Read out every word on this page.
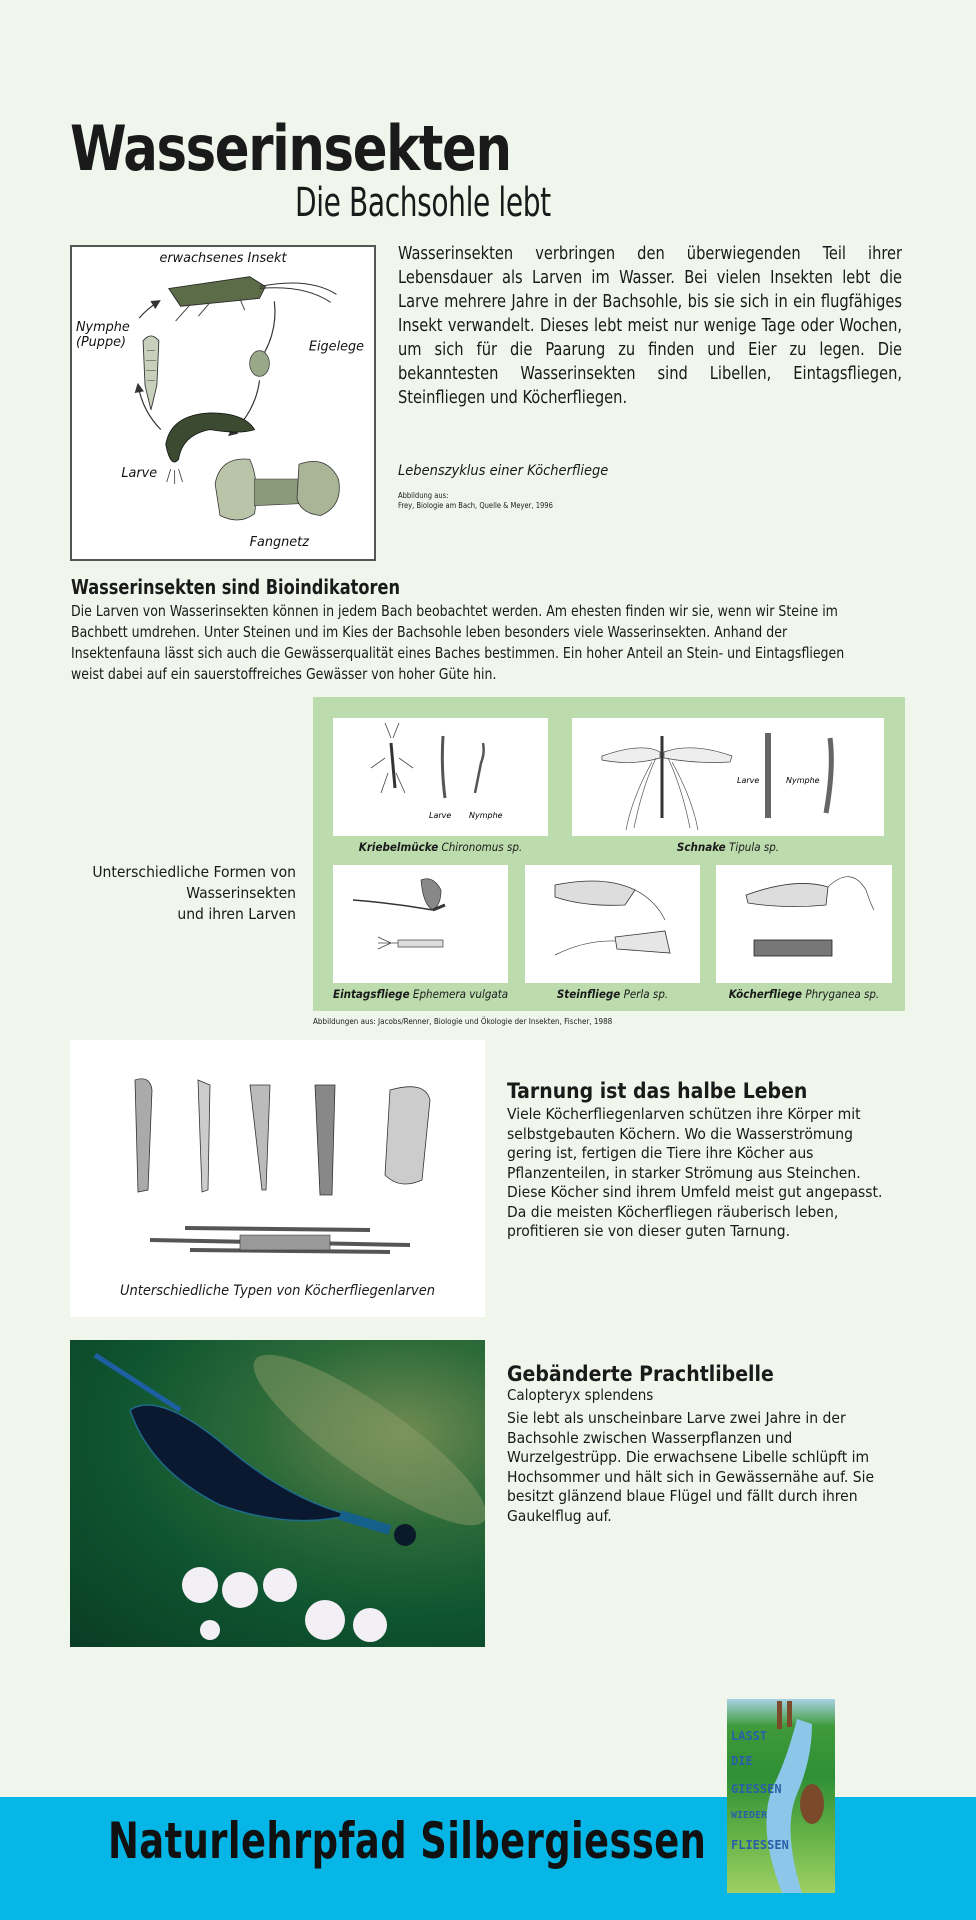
Wasserinsekten
Die Bachsohle lebt
erwachsenes Insekt
Eigelege
Nymphe
(Puppe)
Larve
Fangnetz

Wasserinsekten verbringen den überwiegenden Teil ihrer Lebensdauer als Larven im Wasser. Bei vielen Insekten lebt die Larve mehrere Jahre in der Bachsohle, bis sie sich in ein flugfähiges Insekt verwandelt. Dieses lebt meist nur wenige Tage oder Wochen, um sich für die Paarung zu finden und Eier zu legen. Die bekanntesten Wasserinsekten sind Libellen, Eintagsfliegen, Steinfliegen und Köcherfliegen.

Lebenszyklus einer Köcherfliege
Abbildung aus:
Frey, Biologie am Bach, Quelle & Meyer, 1996
Wasserinsekten sind Bioindikatoren

Die Larven von Wasserinsekten können in jedem Bach beobachtet werden. Am ehesten finden wir sie, wenn wir Steine im Bachbett umdrehen. Unter Steinen und im Kies der Bachsohle leben besonders viele Wasserinsekten. Anhand der Insektenfauna lässt sich auch die Gewässerqualität eines Baches bestimmen. Ein hoher Anteil an Stein- und Eintagsfliegen weist dabei auf ein sauerstoffreiches Gewässer von hoher Güte hin.

Unterschiedliche Formen von
Wasserinsekten
und ihren Larven
Larve Nymphe
Kriebelmücke Chironomus sp.
Larve	Nymphe
Schnake Tipula sp.
Eintagsfliege Ephemera vulgata	Steinfliege Perla sp.	Köcherfliege Phryganea sp.
Abbildungen aus: Jacobs/Renner, Biologie und Ökologie der Insekten, Fischer, 1988
Unterschiedliche Typen von Köcherfliegenlarven
Tarnung ist das halbe Leben
Viele Köcherfliegenlarven schützen ihre Körper mit selbstgebauten Köchern. Wo die Wasserströmung gering ist, fertigen die Tiere ihre Köcher aus Pflanzenteilen, in starker Strömung aus Steinchen. Diese Köcher sind ihrem Umfeld meist gut angepasst. Da die meisten Köcherfliegen räuberisch leben, profitieren sie von dieser guten Tarnung.
Gebänderte Prachtlibelle
Calopteryx splendens
Sie lebt als unscheinbare Larve zwei Jahre in der Bachsohle zwischen Wasserpflanzen und Wurzelgestrüpp. Die erwachsene Libelle schlüpft im Hochsommer und hält sich in Gewässernähe auf. Sie besitzt glänzend blaue Flügel und fällt durch ihren Gaukelflug auf.
Naturlehrpfad Silbergiessen
LASST
DIE
GIESSEN
WIEDER
FLIESSEN
